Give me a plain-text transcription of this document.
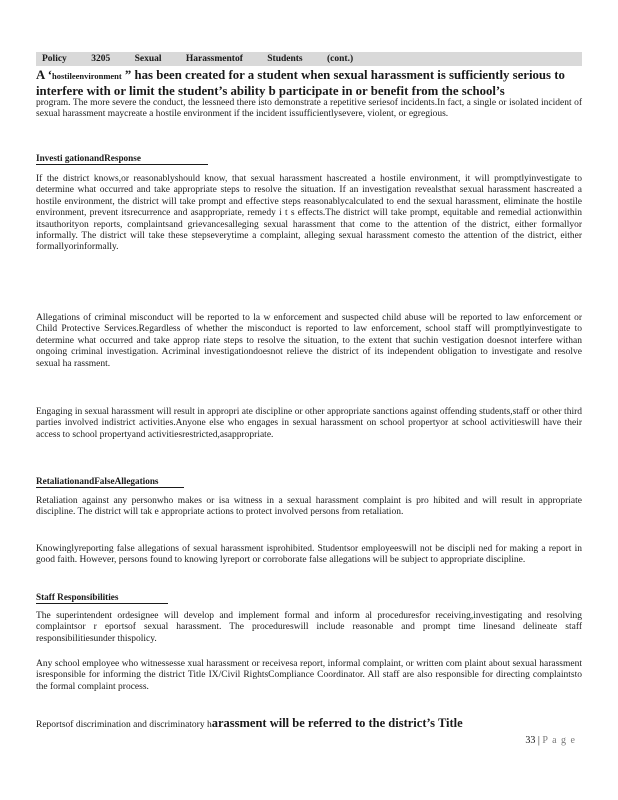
Policy	3205	Sexual	Harassmentof	Students	(cont.)
A ‘hostileenvironment ” has been created for a student when sexual harassment is sufficiently serious to interfere with or limit the student’s ability b participate in or benefit from the school’s
program. The more severe the conduct, the lessneed there isto demonstrate a repetitive seriesof incidents.In fact, a single or isolated incident of sexual harassment maycreate a hostile environment if the incident issufficientlysevere, violent, or egregious.
Investi gationandResponse
If the district knows,or reasonablyshould know, that sexual harassment hascreated a hostile environment, it will promptlyinvestigate to determine what occurred and take appropriate steps to resolve the situation. If an investigation revealsthat sexual harassment hascreated a hostile environment, the district will take prompt and effective steps reasonablycalculated to end the sexual harassment, eliminate the hostile environment, prevent itsrecurrence and asappropriate, remedy i t s effects.The district will take prompt, equitable and remedial actionwithin itsauthorityon reports, complaintsand grievancesalleging sexual harassment that come to the attention of the district, either formallyor informally. The district will take these stepseverytime a complaint, alleging sexual harassment comesto the attention of the district, either formallyorinformally.
Allegations of criminal misconduct will be reported to la w enforcement and suspected child abuse will be reported to law enforcement or Child Protective Services.Regardless of whether the misconduct is reported to law enforcement, school staff will promptlyinvestigate to determine what occurred and take approp riate steps to resolve the situation, to the extent that suchin vestigation doesnot interfere withan ongoing criminal investigation. Acriminal investigationdoesnot relieve the district of its independent obligation to investigate and resolve sexual ha rassment.
Engaging in sexual harassment will result in appropri ate discipline or other appropriate sanctions against offending students,staff or other third parties involved indistrict activities.Anyone else who engages in sexual harassment on school propertyor at school activitieswill have their access to school propertyand activitiesrestricted,asappropriate.
RetaliationandFalseAllegations
Retaliation against any personwho makes or isa witness in a sexual harassment complaint is pro hibited and will result in appropriate discipline. The district will tak e appropriate actions to protect involved persons from retaliation.
Knowinglyreporting false allegations of sexual harassment isprohibited. Studentsor employeeswill not be discipli ned for making a report in good faith. However, persons found to knowing lyreport or corroborate false allegations will be subject to appropriate discipline.
Staff Responsibilities
The superintendent ordesignee will develop and implement formal and inform al proceduresfor receiving,investigating and resolving complaintsor r eportsof sexual harassment. The procedureswill include reasonable and prompt time linesand delineate staff responsibilitiesunder thispolicy.
Any school employee who witnessesse xual harassment or receivesa report, informal complaint, or written com plaint about sexual harassment isresponsible for informing the district Title IX/Civil RightsCompliance Coordinator. All staff are also responsible for directing complaintsto the formal complaint process.
Reportsof discrimination and discriminatory harassment will be referred to the district’s Title
33 | P a g e
